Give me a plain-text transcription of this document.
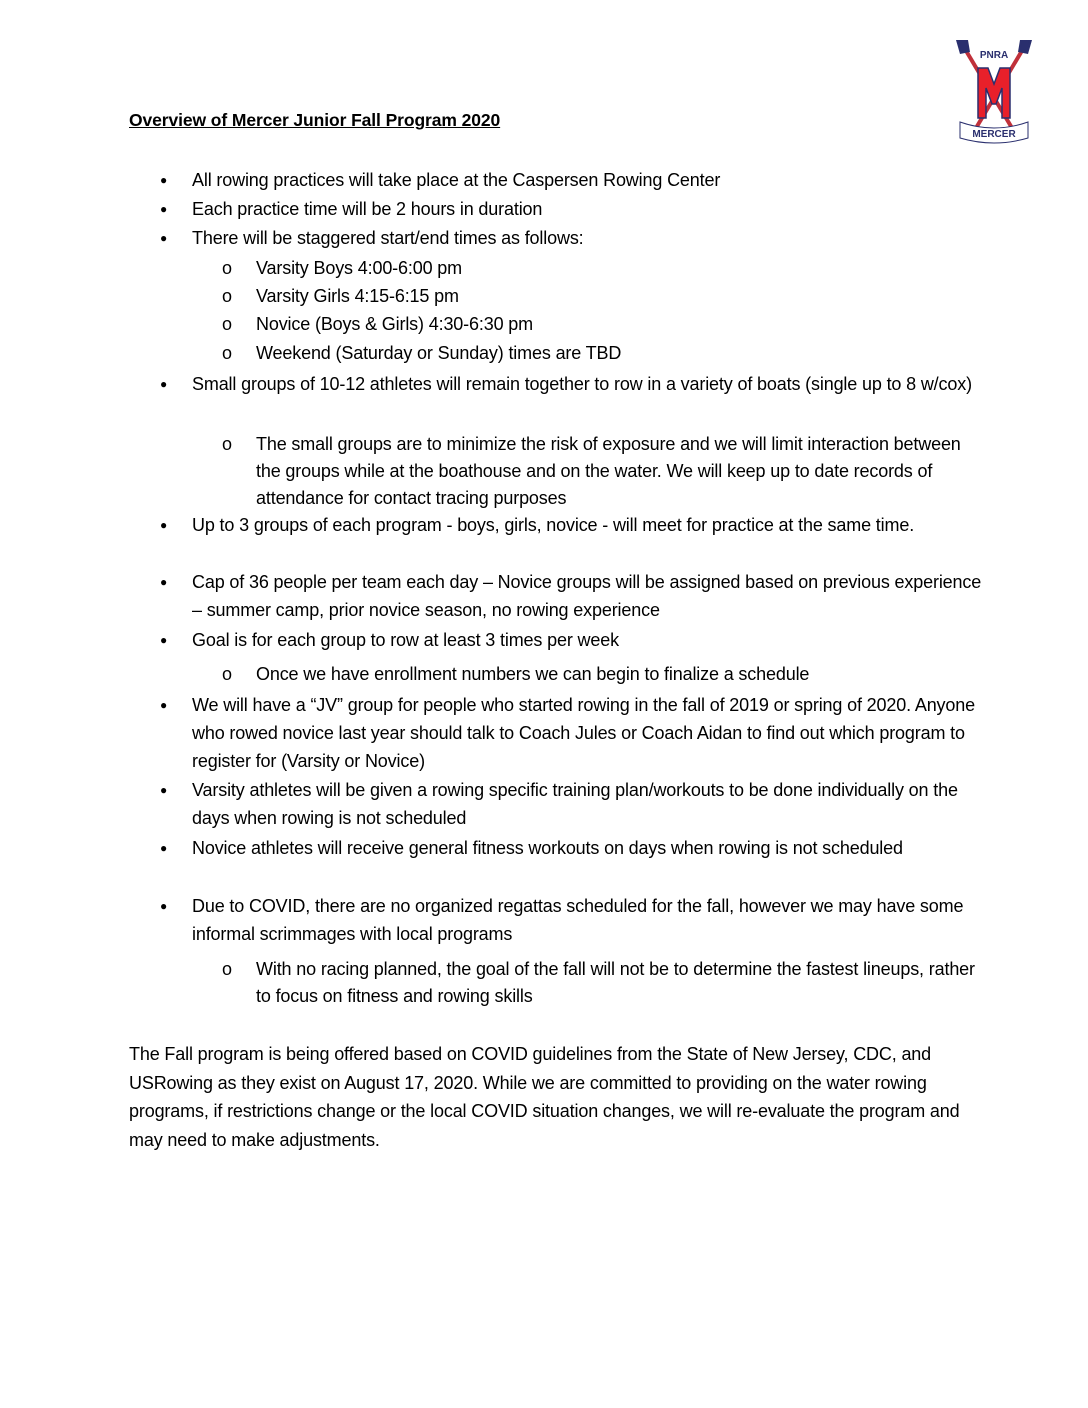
PNRA
MERCER
Overview of Mercer Junior Fall Program 2020
●	All rowing practices will take place at the Caspersen Rowing Center
●	Each practice time will be 2 hours in duration
●	There will be staggered start/end times as follows:
o Varsity Boys 4:00-6:00 pm
o Varsity Girls 4:15-6:15 pm
o Novice (Boys & Girls) 4:30-6:30 pm
o Weekend (Saturday or Sunday) times are TBD
●	Small groups of 10-12 athletes will remain together to row in a variety of boats (single up to 8 w/cox)
o The small groups are to minimize the risk of exposure and we will limit interaction between the groups while at the boathouse and on the water. We will keep up to date records of attendance for contact tracing purposes
●	Up to 3 groups of each program - boys, girls, novice - will meet for practice at the same time.
●	Cap of 36 people per team each day – Novice groups will be assigned based on previous experience – summer camp, prior novice season, no rowing experience
●	Goal is for each group to row at least 3 times per week
o Once we have enrollment numbers we can begin to finalize a schedule
●	We will have a “JV” group for people who started rowing in the fall of 2019 or spring of 2020. Anyone who rowed novice last year should talk to Coach Jules or Coach Aidan to find out which program to register for (Varsity or Novice)
●	Varsity athletes will be given a rowing specific training plan/workouts to be done individually on the days when rowing is not scheduled
●	Novice athletes will receive general fitness workouts on days when rowing is not scheduled
●	Due to COVID, there are no organized regattas scheduled for the fall, however we may have some informal scrimmages with local programs
o With no racing planned, the goal of the fall will not be to determine the fastest lineups, rather to focus on fitness and rowing skills
The Fall program is being offered based on COVID guidelines from the State of New Jersey, CDC, and USRowing as they exist on August 17, 2020. While we are committed to providing on the water rowing programs, if restrictions change or the local COVID situation changes, we will re-evaluate the program and may need to make adjustments.
